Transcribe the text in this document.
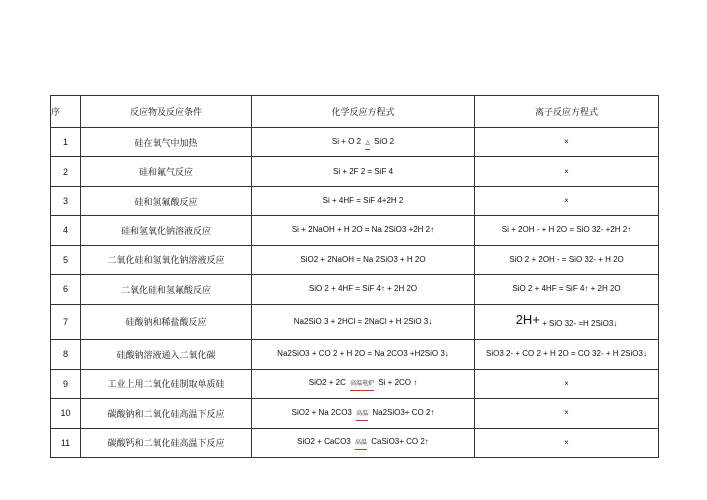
序	反应物及反应条件	化学反应方程式	离子反应方程式
1	硅在氧气中加热	Si + O 2 △ SiO 2	×
2	硅和氟气反应	Si + 2F 2 = SiF 4	×
3	硅和氢氟酸反应	Si + 4HF = SiF 4+2H 2	×
4	硅和氢氧化钠溶液反应	Si + 2NaOH + H 2O = Na 2SiO3 +2H 2↑	Si + 2OH - + H 2O = SiO 32- +2H 2↑
5	二氧化硅和氢氧化钠溶液反应	SiO2 + 2NaOH = Na 2SiO3 + H 2O	SiO 2 + 2OH - = SiO 32- + H 2O
6	二氧化硅和氢氟酸反应	SiO 2 + 4HF = SiF 4↑ + 2H 2O	SiO 2 + 4HF = SiF 4↑ + 2H 2O
7	硅酸钠和稀盐酸反应	Na2SiO 3 + 2HCl = 2NaCl + H 2SiO 3↓	2H+ + SiO 32- =H 2SiO3↓
8	硅酸钠溶液通入二氧化碳	Na2SiO3 + CO 2 + H 2O = Na 2CO3 +H2SiO 3↓	SiO3 2- + CO 2 + H 2O = CO 32- + H 2SiO3↓
9	工业上用二氧化硅制取单质硅	SiO2 + 2C 高温电炉 Si + 2CO ↑	×
10	碳酸钠和二氧化硅高温下反应	SiO2 + Na 2CO3 高温 Na2SiO3+ CO 2↑	×
11	碳酸钙和二氧化硅高温下反应	SiO2 + CaCO3 高温 CaSiO3+ CO 2↑	×
